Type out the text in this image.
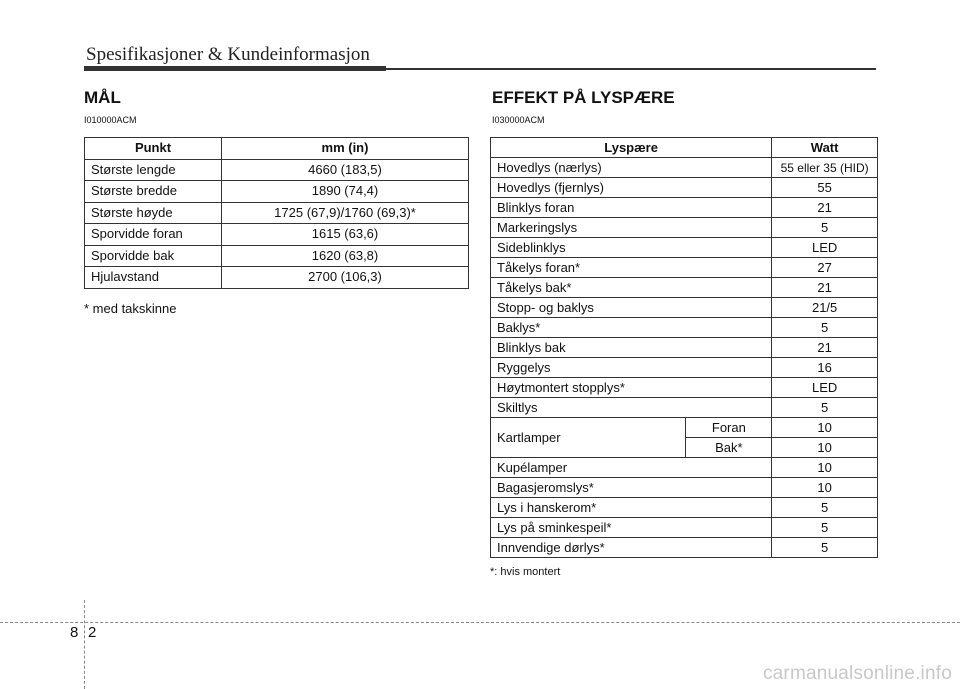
Spesifikasjoner & Kundeinformasjon
MÅL
I010000ACM
Punkt	mm (in)
Største lengde	4660 (183,5)
Største bredde	1890 (74,4)
Største høyde	1725 (67,9)/1760 (69,3)*
Sporvidde foran	1615 (63,6)
Sporvidde bak	1620 (63,8)
Hjulavstand	2700 (106,3)
* med takskinne
EFFEKT PÅ LYSPÆRE
I030000ACM
Lyspære		Watt
Hovedlys (nærlys)		55 eller 35 (HID)
Hovedlys (fjernlys)		55
Blinklys foran		21
Markeringslys		5
Sideblinklys		LED
Tåkelys foran*		27
Tåkelys bak*		21
Stopp- og baklys		21/5
Baklys*		5
Blinklys bak		21
Ryggelys		16
Høytmontert stopplys*		LED
Skiltlys		5
Kartlamper	Foran	10
	Bak*	10
Kupélamper		10
Bagasjeromslys*		10
Lys i hanskerom*		5
Lys på sminkespeil*		5
Innvendige dørlys*		5
*: hvis montert
8 2
carmanualsonline.info
